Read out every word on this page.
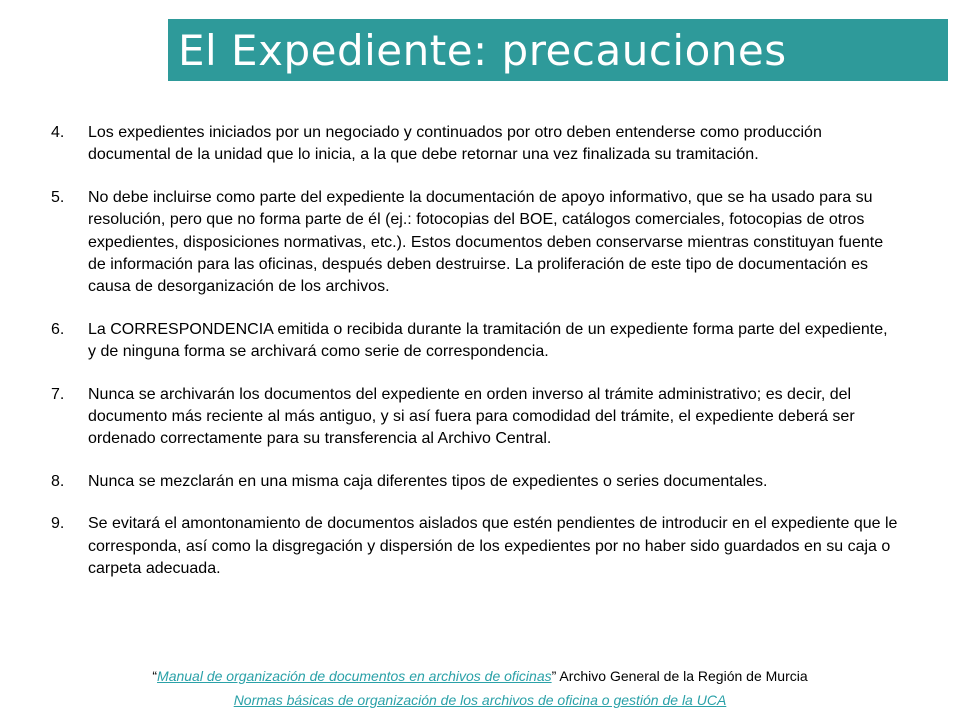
El Expediente: precauciones
4. Los expedientes iniciados por un negociado y continuados por otro deben entenderse como producción documental de la unidad que lo inicia, a la que debe retornar una vez finalizada su tramitación.
5. No debe incluirse como parte del expediente la documentación de apoyo informativo, que se ha usado para su resolución, pero que no forma parte de él (ej.: fotocopias del BOE, catálogos comerciales, fotocopias de otros expedientes, disposiciones normativas, etc.). Estos documentos deben conservarse mientras constituyan fuente de información para las oficinas, después deben destruirse. La proliferación de este tipo de documentación es causa de desorganización de los archivos.
6. La CORRESPONDENCIA emitida o recibida durante la tramitación de un expediente forma parte del expediente, y de ninguna forma se archivará como serie de correspondencia.
7. Nunca se archivarán los documentos del expediente en orden inverso al trámite administrativo; es decir, del documento más reciente al más antiguo, y si así fuera para comodidad del trámite, el expediente deberá ser ordenado correctamente para su transferencia al Archivo Central.
8. Nunca se mezclarán en una misma caja diferentes tipos de expedientes o series documentales.
9. Se evitará el amontonamiento de documentos aislados que estén pendientes de introducir en el expediente que le corresponda, así como la disgregación y dispersión de los expedientes por no haber sido guardados en su caja o carpeta adecuada.
“Manual de organización de documentos en archivos de oficinas” Archivo General de la Región de Murcia
Normas básicas de organización de los archivos de oficina o gestión de la UCA
